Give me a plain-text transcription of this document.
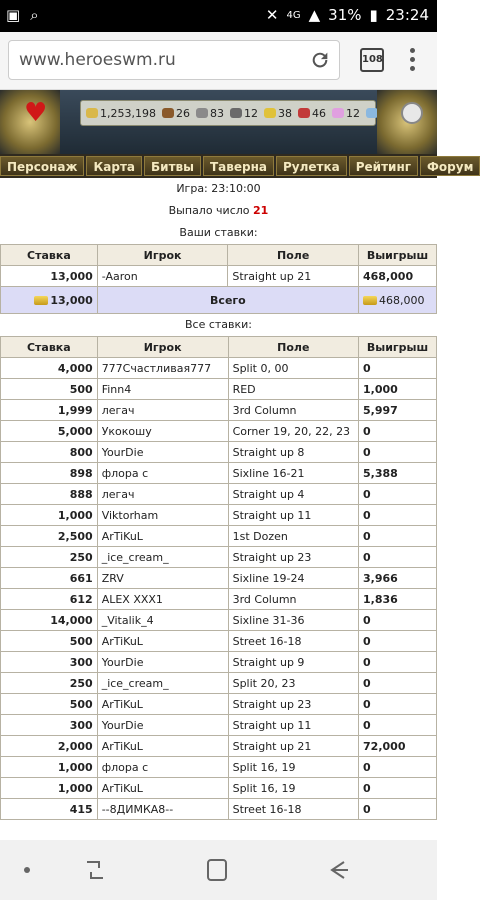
▣ ⌕	✕ 4G ▲ 31% ▮ 23:24
www.heroeswm.ru	108
♥	1,253,198 26 83 12 38 46 12
Персонаж	Карта	Битвы	Таверна	Рулетка	Рейтинг	Форум
Игра: 23:10:00
Выпало число 21
Ваши ставки:
Ставка	Игрок	Поле	Выигрыш
13,000	-Aaron	Straight up 21	468,000
13,000	Всего		468,000
Все ставки:
Ставка	Игрок	Поле	Выигрыш
4,000	777Счастливая777	Split 0, 00	0
500	Finn4	RED	1,000
1,999	легач	3rd Column	5,997
5,000	Укокошу	Corner 19, 20, 22, 23	0
800	YourDie	Straight up 8	0
898	флора с	Sixline 16-21	5,388
888	легач	Straight up 4	0
1,000	Viktorham	Straight up 11	0
2,500	ArTiKuL	1st Dozen	0
250	_ice_cream_	Straight up 23	0
661	ZRV	Sixline 19-24	3,966
612	ALEX XXX1	3rd Column	1,836
14,000	_Vitalik_4	Sixline 31-36	0
500	ArTiKuL	Street 16-18	0
300	YourDie	Straight up 9	0
250	_ice_cream_	Split 20, 23	0
500	ArTiKuL	Straight up 23	0
300	YourDie	Straight up 11	0
2,000	ArTiKuL	Straight up 21	72,000
1,000	флора с	Split 16, 19	0
1,000	ArTiKuL	Split 16, 19	0
415	--8ДИМКА8--	Street 16-18	0
